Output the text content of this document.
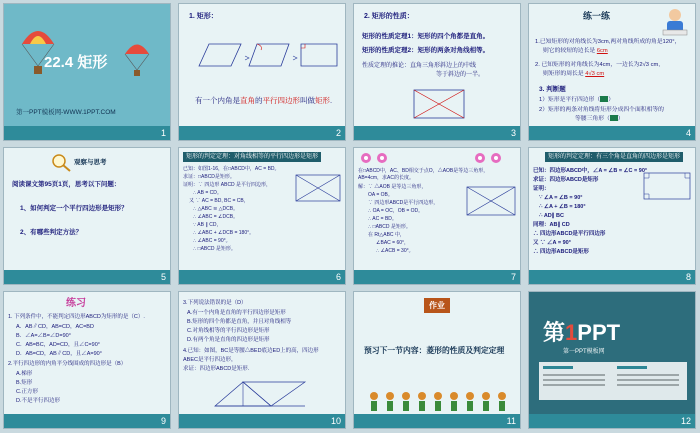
22.4 矩形
第一PPT模板网-WWW.1PPT.COM
1
1. 矩形：
有一个内角是直角的平行四边形叫做矩形.
2
2. 矩形的性质：
矩形的性质定理1：矩形的四个角都是直角。
矩形的性质定理2：矩形的两条对角线相等。
性质定理的推论：直角三角形斜边上的中线
等于斜边的一半。
3
练一练
1.已知矩形的对角线长为3cm,两对角线所成的角是120°，
则它的较短的边长是 6cm
2. 已知矩形的对角线长为4cm，一边长为2√3 cm,
则矩形的周长是 4√3 cm
3. 判断题
1）矩形是平行四边形（ ）
2）矩形的两条对角线将矩形分成四个面积相等的
等腰三角形（ ）
4
观察与思考
阅读课文第95页1页，思考以下问题：
1、如何判定一个平行四边形是矩形？
2、有哪些判定方法？
5
矩形的判定定理：对角线相等的平行四边形是矩形
已知：如图1-16，在□ABCD中，AC = BD。
求证：□ABCD是矩形。
证明：∵ 四边形 ABCD 是平行四边形，
∴ AB = CD。
又 ∵ AC = BD, BC = CB，
∴ △ABC ≌ △DCB。
∴ ∠ABC = ∠DCB。
∵ AB ∥ CD，
∴ ∠ABC + ∠DCB = 180°。
∴ ∠ABC = 90°。
∴ □ABCD 是矩形。
6
在□ABCD中，AC、BD相交于点O，△AOB是等边三角形，
AB=4cm，求AC的长度。
解：∵ △AOB 是等边三角形，
OA = OB。
∵ 四边形ABCD是平行四边形，
∴ OA = OC，OB = OD。
∴ AC = BD。
∴ □ABCD 是矩形。
在 Rt△ABC 中，
∠BAC = 60°，
∴ ∠ACB = 30°。
7
矩形的判定定理：有三个角是直角的四边形是矩形
已知：四边形ABCD中，∠A = ∠B = ∠C = 90°
求证：四边形ABCD是矩形
证明：
∵ ∠A = ∠B = 90°
∴ ∠A + ∠B = 180°
∴ AD∥ BC
同理：AB∥ CD
∴ 四边形ABCD是平行四边形
又 ∵ ∠A = 90°
∴ 四边形ABCD是矩形
8
练习
1. 下列条件中，不能判定四边形ABCD为矩形的是（C）.
A．AB∥CD，AB=CD，AC=BD
B．∠A=∠B=∠D=90°
C．AB=BC，AD=CD，且∠C=90°
D．AB=CD，AB∥CD，且∠A=90°
2.平行四边形的内角平分线围成的四边形是（B）
A.梯形
B.矩形
C.正方形
D.不是平行四边形
9
3.下列说法错误的是（D）
A.有一个内角是直角的平行四边形是矩形
B.矩形的四个角都是直角，并且对角线相等
C.对角线相等的平行四边形是矩形
D.有两个角是直角的四边形是矩形
4.已知：如图，BC是等腰△BED底边ED上的高，四边形
ABEC是平行四边形，
求证：四边形ABCD是矩形.
10
作业
预习下一节内容：菱形的性质及判定定理
11
第1PPT
第一PPT模板网
12
